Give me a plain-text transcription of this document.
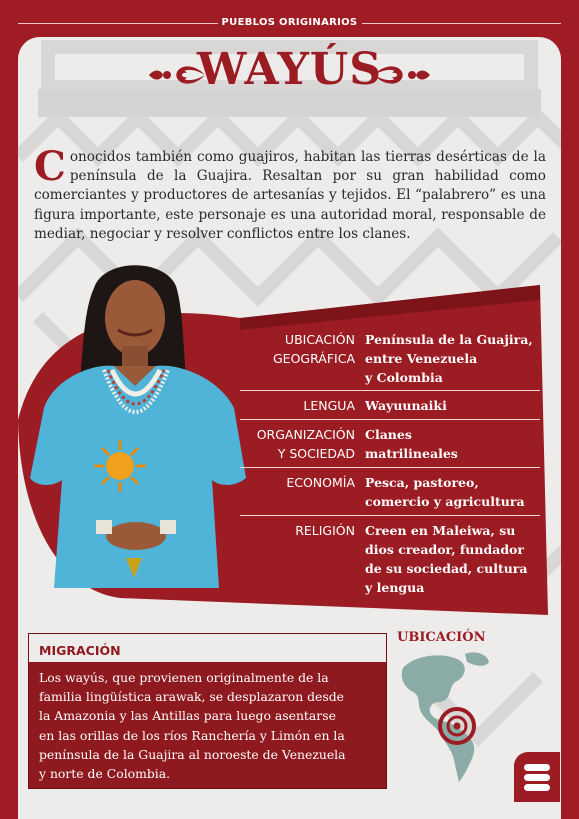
PUEBLOS ORIGINARIOS
WAYÚS
Conocidos también como guajiros, habitan las tierras desérticas de la península de la Guajira. Resaltan por su gran habilidad como comerciantes y productores de artesanías y tejidos. El “palabrero” es una figura importante, este personaje es una autoridad moral, responsable de mediar, negociar y resolver conflictos entre los clanes.
UBICACIÓN
GEOGRÁFICA
Península de la Guajira,
entre Venezuela
y Colombia
LENGUA Wayuunaiki
ORGANIZACIÓN
Y SOCIEDAD
Clanes
matrilineales
ECONOMÍA Pesca, pastoreo,
comercio y agricultura
RELIGIÓN Creen en Maleiwa, su
dios creador, fundador
de su sociedad, cultura
y lengua
MIGRACIÓN
Los wayús, que provienen originalmente de la
familia lingüística arawak, se desplazaron desde
la Amazonia y las Antillas para luego asentarse
en las orillas de los ríos Ranchería y Limón en la
península de la Guajira al noroeste de Venezuela
y norte de Colombia.
UBICACIÓN
